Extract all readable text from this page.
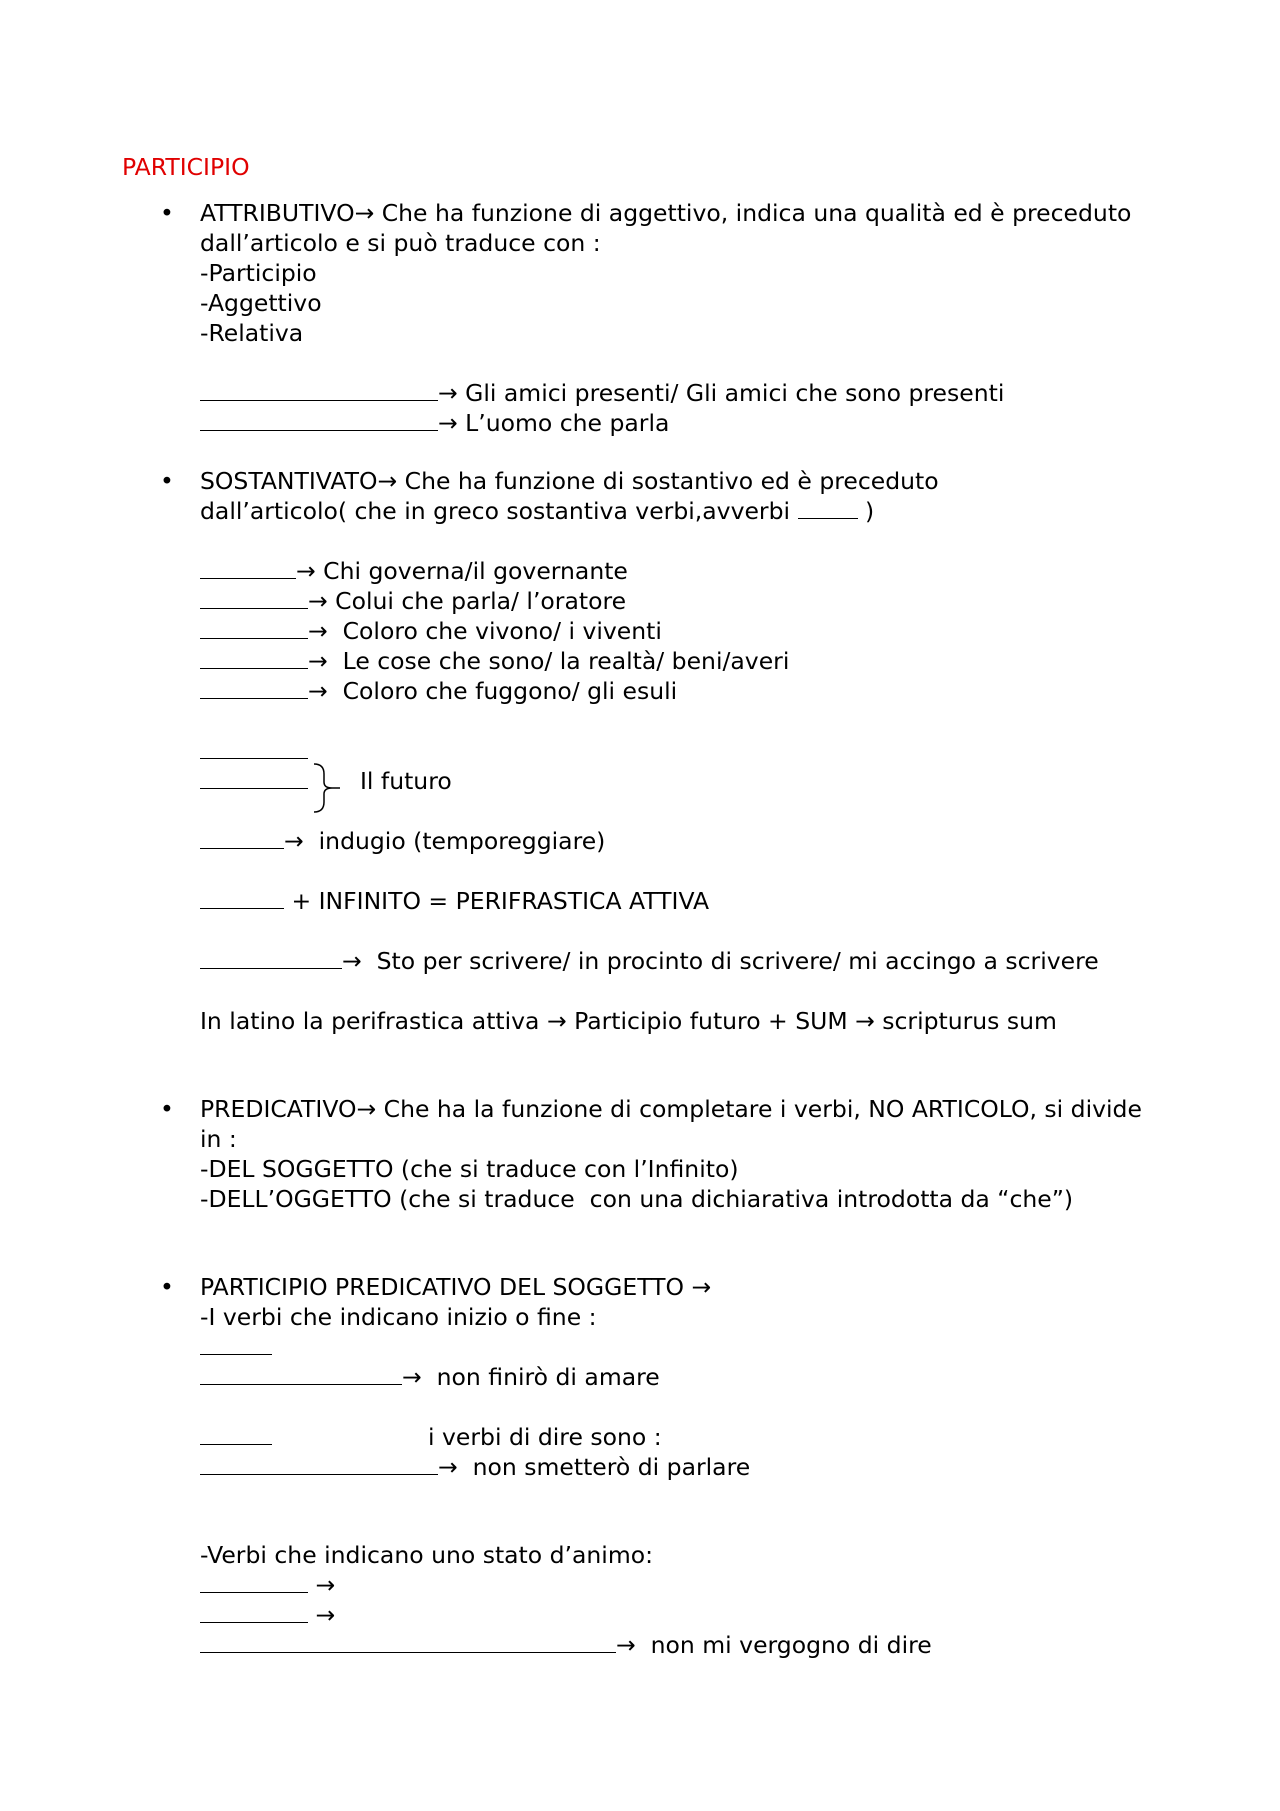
PARTICIPIO
• ATTRIBUTIVO→ Che ha funzione di aggettivo, indica una qualità ed è preceduto
dall’articolo e si può traduce con :
-Participio
-Aggettivo
-Relativa
→ Gli amici presenti/ Gli amici che sono presenti
→ L’uomo che parla
• SOSTANTIVATO→ Che ha funzione di sostantivo ed è preceduto
dall’articolo( che in greco sostantiva verbi,avverbi	)
→ Chi governa/il governante
→ Colui che parla/ l’oratore
→  Coloro che vivono/ i viventi
→  Le cose che sono/ la realtà/ beni/averi
→  Coloro che fuggono/ gli esuli
Il futuro
→  indugio (temporeggiare)
+ INFINITO = PERIFRASTICA ATTIVA
→  Sto per scrivere/ in procinto di scrivere/ mi accingo a scrivere
In latino la perifrastica attiva → Participio futuro + SUM → scripturus sum
• PREDICATIVO→ Che ha la funzione di completare i verbi, NO ARTICOLO, si divide
in :
-DEL SOGGETTO (che si traduce con l’Infinito)
-DELL’OGGETTO (che si traduce  con una dichiarativa introdotta da “che”)
• PARTICIPIO PREDICATIVO DEL SOGGETTO →
-I verbi che indicano inizio o fine :
→  non finirò di amare
i verbi di dire sono :
→  non smetterò di parlare
-Verbi che indicano uno stato d’animo:
→
→
→  non mi vergogno di dire
